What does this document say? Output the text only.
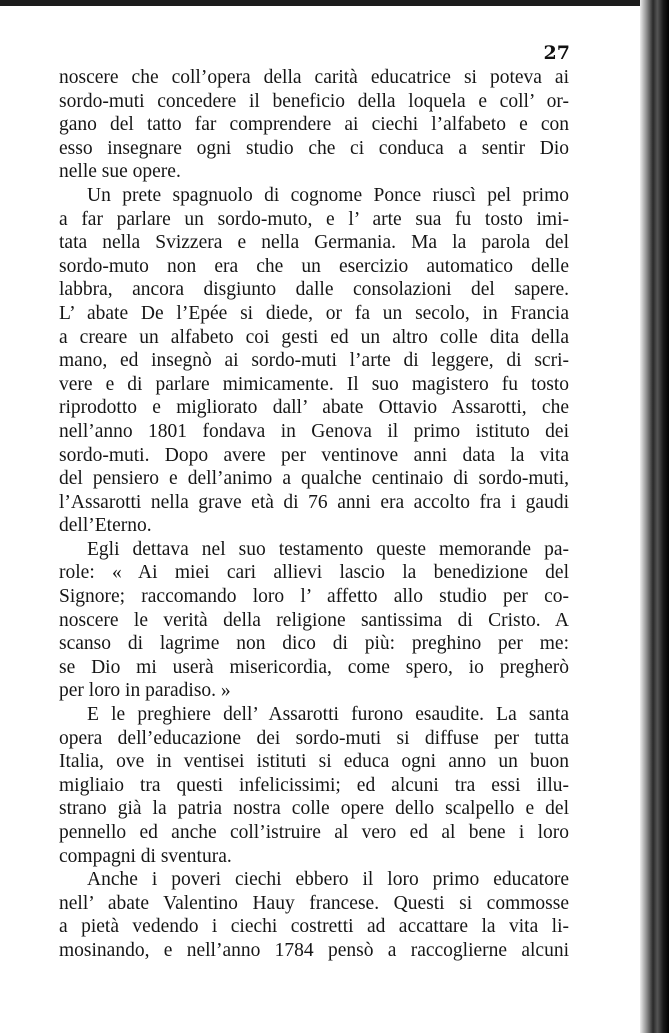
27
noscere che coll’opera della carità educatrice si poteva ai
sordo-muti concedere il beneficio della loquela e coll’ or-
gano del tatto far comprendere ai ciechi l’alfabeto e con
esso insegnare ogni studio che ci conduca a sentir Dio
nelle sue opere.
Un prete spagnuolo di cognome Ponce riuscì pel primo
a far parlare un sordo-muto, e l’ arte sua fu tosto imi-
tata nella Svizzera e nella Germania. Ma la parola del
sordo-muto non era che un esercizio automatico delle
labbra, ancora disgiunto dalle consolazioni del sapere.
L’ abate De l’Epée si diede, or fa un secolo, in Francia
a creare un alfabeto coi gesti ed un altro colle dita della
mano, ed insegnò ai sordo-muti l’arte di leggere, di scri-
vere e di parlare mimicamente. Il suo magistero fu tosto
riprodotto e migliorato dall’ abate Ottavio Assarotti, che
nell’anno 1801 fondava in Genova il primo istituto dei
sordo-muti. Dopo avere per ventinove anni data la vita
del pensiero e dell’animo a qualche centinaio di sordo-muti,
l’Assarotti nella grave età di 76 anni era accolto fra i gaudi
dell’Eterno.
Egli dettava nel suo testamento queste memorande pa-
role: « Ai miei cari allievi lascio la benedizione del
Signore; raccomando loro l’ affetto allo studio per co-
noscere le verità della religione santissima di Cristo. A
scanso di lagrime non dico di più: preghino per me:
se Dio mi userà misericordia, come spero, io pregherò
per loro in paradiso. »
E le preghiere dell’ Assarotti furono esaudite. La santa
opera dell’educazione dei sordo-muti si diffuse per tutta
Italia, ove in ventisei istituti si educa ogni anno un buon
migliaio tra questi infelicissimi; ed alcuni tra essi illu-
strano già la patria nostra colle opere dello scalpello e del
pennello ed anche coll’istruire al vero ed al bene i loro
compagni di sventura.
Anche i poveri ciechi ebbero il loro primo educatore
nell’ abate Valentino Hauy francese. Questi si commosse
a pietà vedendo i ciechi costretti ad accattare la vita li-
mosinando, e nell’anno 1784 pensò a raccoglierne alcuni
